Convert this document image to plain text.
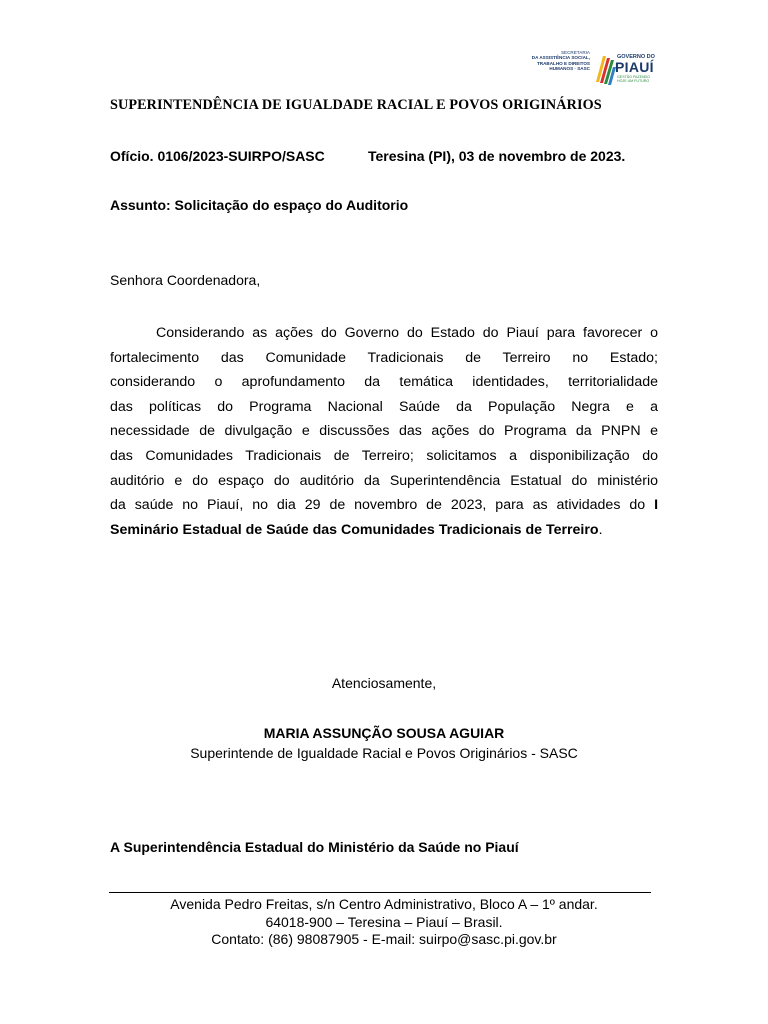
SECRETARIA
DA ASSISTÊNCIA SOCIAL,
TRABALHO E DIREITOS
HUMANOS · SASC
GOVERNO DO
PIAUÍ
GESTÃO FAZENDO
HOJE UM FUTURO
SUPERINTENDÊNCIA DE IGUALDADE RACIAL E POVOS ORIGINÁRIOS
Ofício. 0106/2023-SUIRPO/SASC	Teresina (PI), 03 de novembro de 2023.
Assunto: Solicitação do espaço do Auditorio
Senhora Coordenadora,
Considerando as ações do Governo do Estado do Piauí para favorecer o
fortalecimento das Comunidade Tradicionais de Terreiro no Estado;
considerando o aprofundamento da temática identidades, territorialidade
das políticas do Programa Nacional Saúde da População Negra e a
necessidade de divulgação e discussões das ações do Programa da PNPN e
das Comunidades Tradicionais de Terreiro; solicitamos a disponibilização do
auditório e do espaço do auditório da Superintendência Estatual do ministério
da saúde no Piauí, no dia 29 de novembro de 2023, para as atividades do I
Seminário Estadual de Saúde das Comunidades Tradicionais de Terreiro.
Atenciosamente,
MARIA ASSUNÇÃO SOUSA AGUIAR
Superintende de Igualdade Racial e Povos Originários - SASC
A Superintendência Estadual do Ministério da Saúde no Piauí
Avenida Pedro Freitas, s/n Centro Administrativo, Bloco A – 1º andar.
64018-900 – Teresina – Piauí – Brasil.
Contato: (86) 98087905 - E-mail: suirpo@sasc.pi.gov.br
